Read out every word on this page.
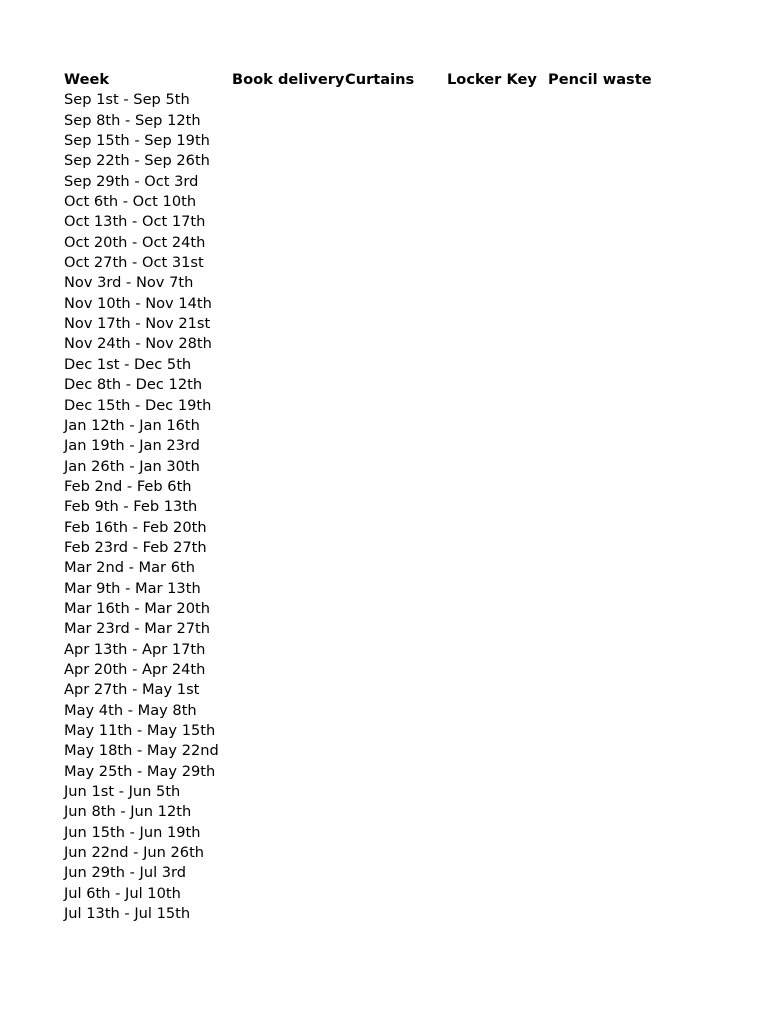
Week	Book delivery Curtains Locker Key Pencil waste
Sep 1st - Sep 5th
Sep 8th - Sep 12th
Sep 15th - Sep 19th
Sep 22th - Sep 26th
Sep 29th - Oct 3rd
Oct 6th - Oct 10th
Oct 13th - Oct 17th
Oct 20th - Oct 24th
Oct 27th - Oct 31st
Nov 3rd - Nov 7th
Nov 10th - Nov 14th
Nov 17th - Nov 21st
Nov 24th - Nov 28th
Dec 1st - Dec 5th
Dec 8th - Dec 12th
Dec 15th - Dec 19th
Jan 12th - Jan 16th
Jan 19th - Jan 23rd
Jan 26th - Jan 30th
Feb 2nd - Feb 6th
Feb 9th - Feb 13th
Feb 16th - Feb 20th
Feb 23rd - Feb 27th
Mar 2nd - Mar 6th
Mar 9th - Mar 13th
Mar 16th - Mar 20th
Mar 23rd - Mar 27th
Apr 13th - Apr 17th
Apr 20th - Apr 24th
Apr 27th - May 1st
May 4th - May 8th
May 11th - May 15th
May 18th - May 22nd
May 25th - May 29th
Jun 1st - Jun 5th
Jun 8th - Jun 12th
Jun 15th - Jun 19th
Jun 22nd - Jun 26th
Jun 29th - Jul 3rd
Jul 6th - Jul 10th
Jul 13th - Jul 15th
